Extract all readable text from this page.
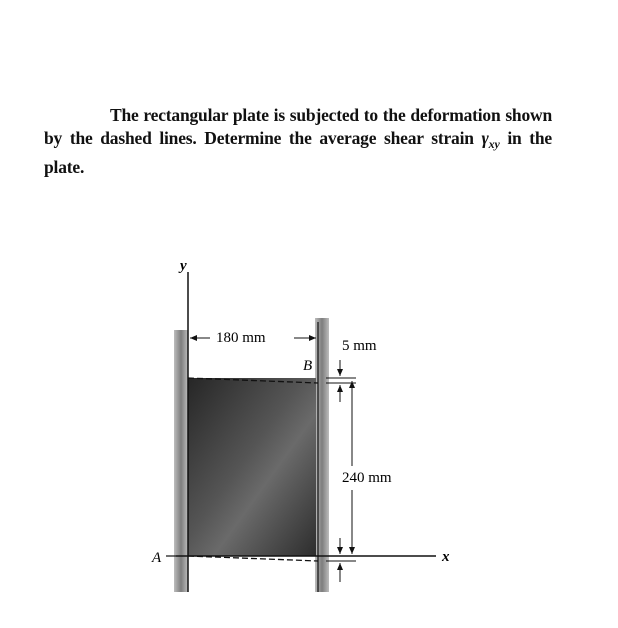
The rectangular plate is subjected to the deformation shown by the dashed lines. Determine the average shear strain $\gamma_{xy}$ in the plate.
y
x
A
B
180 mm	5 mm
240 mm
